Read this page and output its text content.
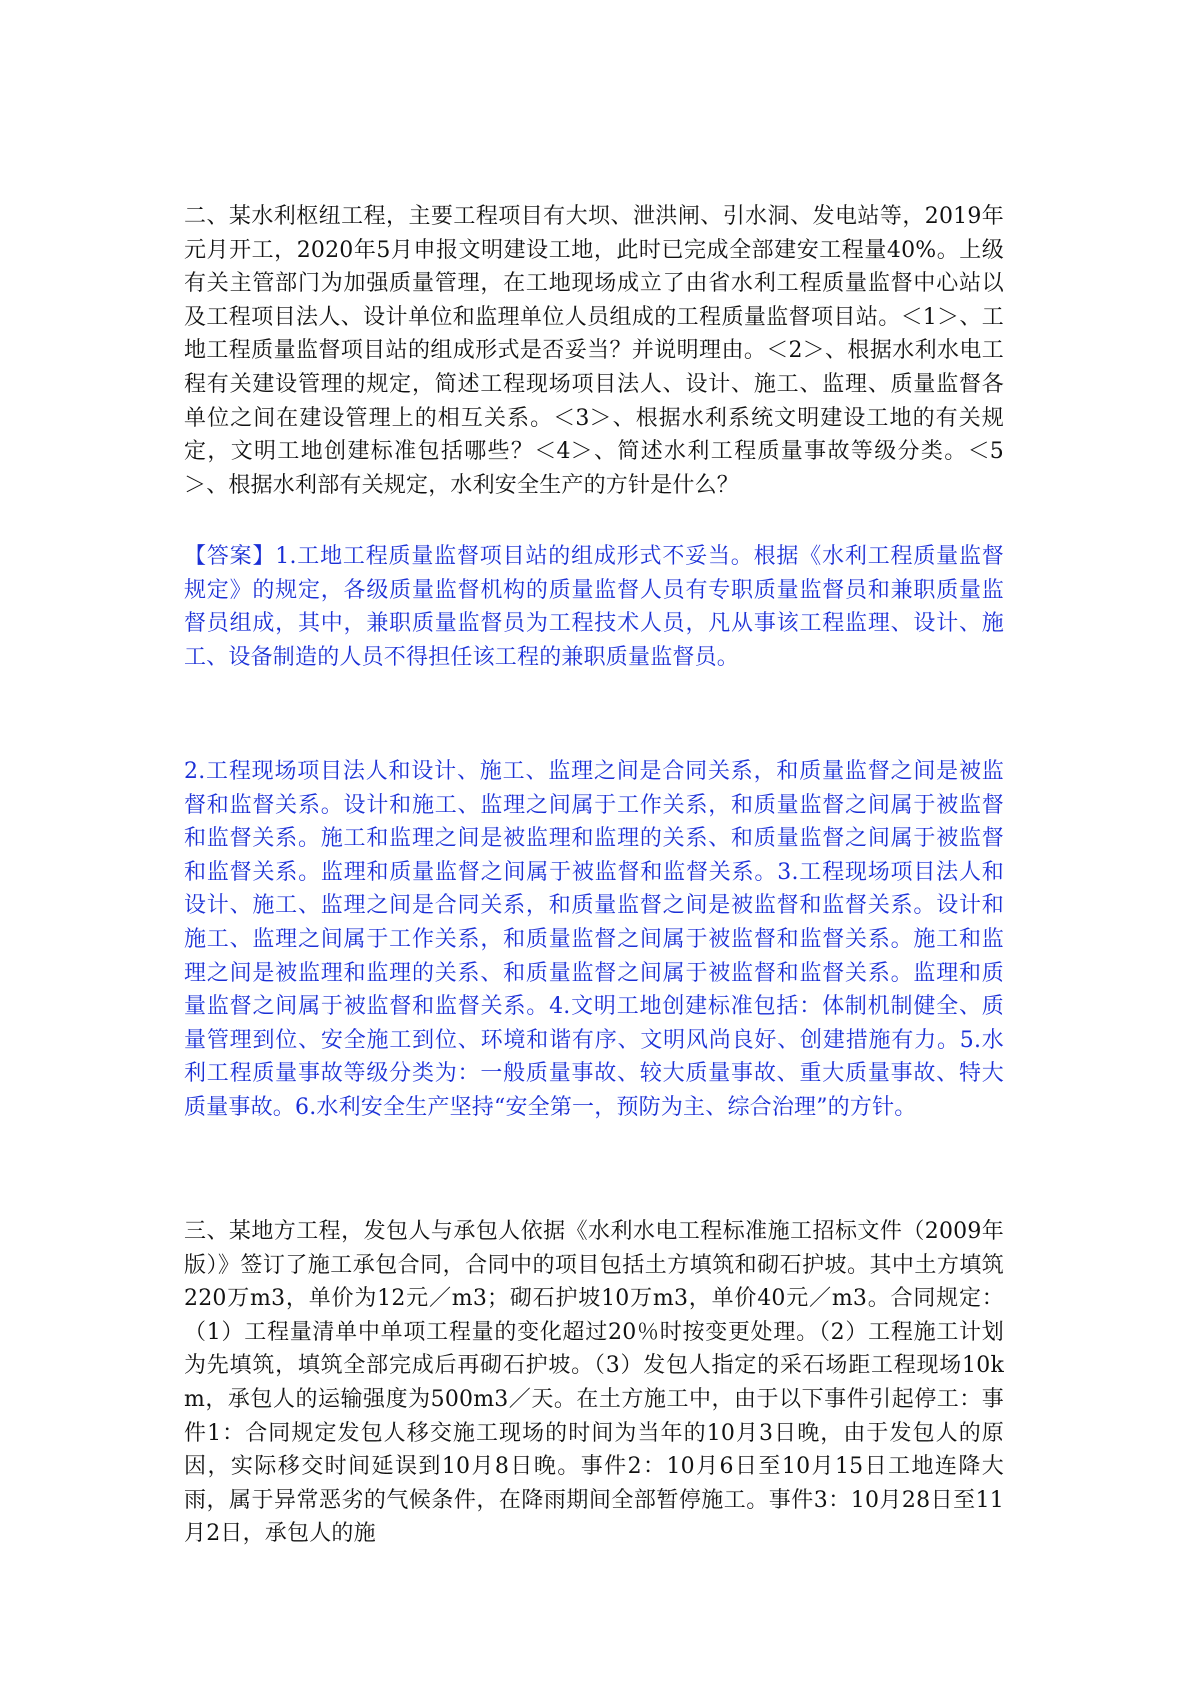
二、某水利枢纽工程，主要工程项目有大坝、泄洪闸、引水洞、发电站等，2019年元月开工，2020年5月申报文明建设工地，此时已完成全部建安工程量40%。上级有关主管部门为加强质量管理，在工地现场成立了由省水利工程质量监督中心站以及工程项目法人、设计单位和监理单位人员组成的工程质量监督项目站。＜1＞、工地工程质量监督项目站的组成形式是否妥当？并说明理由。＜2＞、根据水利水电工程有关建设管理的规定，简述工程现场项目法人、设计、施工、监理、质量监督各单位之间在建设管理上的相互关系。＜3＞、根据水利系统文明建设工地的有关规定，文明工地创建标准包括哪些？＜4＞、简述水利工程质量事故等级分类。＜5＞、根据水利部有关规定，水利安全生产的方针是什么？

【答案】1.工地工程质量监督项目站的组成形式不妥当。根据《水利工程质量监督规定》的规定，各级质量监督机构的质量监督人员有专职质量监督员和兼职质量监督员组成，其中，兼职质量监督员为工程技术人员，凡从事该工程监理、设计、施工、设备制造的人员不得担任该工程的兼职质量监督员。

2.工程现场项目法人和设计、施工、监理之间是合同关系，和质量监督之间是被监督和监督关系。设计和施工、监理之间属于工作关系，和质量监督之间属于被监督和监督关系。施工和监理之间是被监理和监理的关系、和质量监督之间属于被监督和监督关系。监理和质量监督之间属于被监督和监督关系。3.工程现场项目法人和设计、施工、监理之间是合同关系，和质量监督之间是被监督和监督关系。设计和施工、监理之间属于工作关系，和质量监督之间属于被监督和监督关系。施工和监理之间是被监理和监理的关系、和质量监督之间属于被监督和监督关系。监理和质量监督之间属于被监督和监督关系。4.文明工地创建标准包括：体制机制健全、质量管理到位、安全施工到位、环境和谐有序、文明风尚良好、创建措施有力。5.水利工程质量事故等级分类为：一般质量事故、较大质量事故、重大质量事故、特大质量事故。6.水利安全生产坚持“安全第一，预防为主、综合治理”的方针。

三、某地方工程，发包人与承包人依据《水利水电工程标准施工招标文件（2009年版）》签订了施工承包合同，合同中的项目包括土方填筑和砌石护坡。其中土方填筑220万m3，单价为12元／m3；砌石护坡10万m3，单价40元／m3。合同规定：（1）工程量清单中单项工程量的变化超过20％时按变更处理。（2）工程施工计划为先填筑，填筑全部完成后再砌石护坡。（3）发包人指定的采石场距工程现场10km，承包人的运输强度为500m3／天。在土方施工中，由于以下事件引起停工：事件1：合同规定发包人移交施工现场的时间为当年的10月3日晚，由于发包人的原因，实际移交时间延误到10月8日晚。事件2：10月6日至10月15日工地连降大雨，属于异常恶劣的气候条件，在降雨期间全部暂停施工。事件3：10月28日至11月2日，承包人的施
